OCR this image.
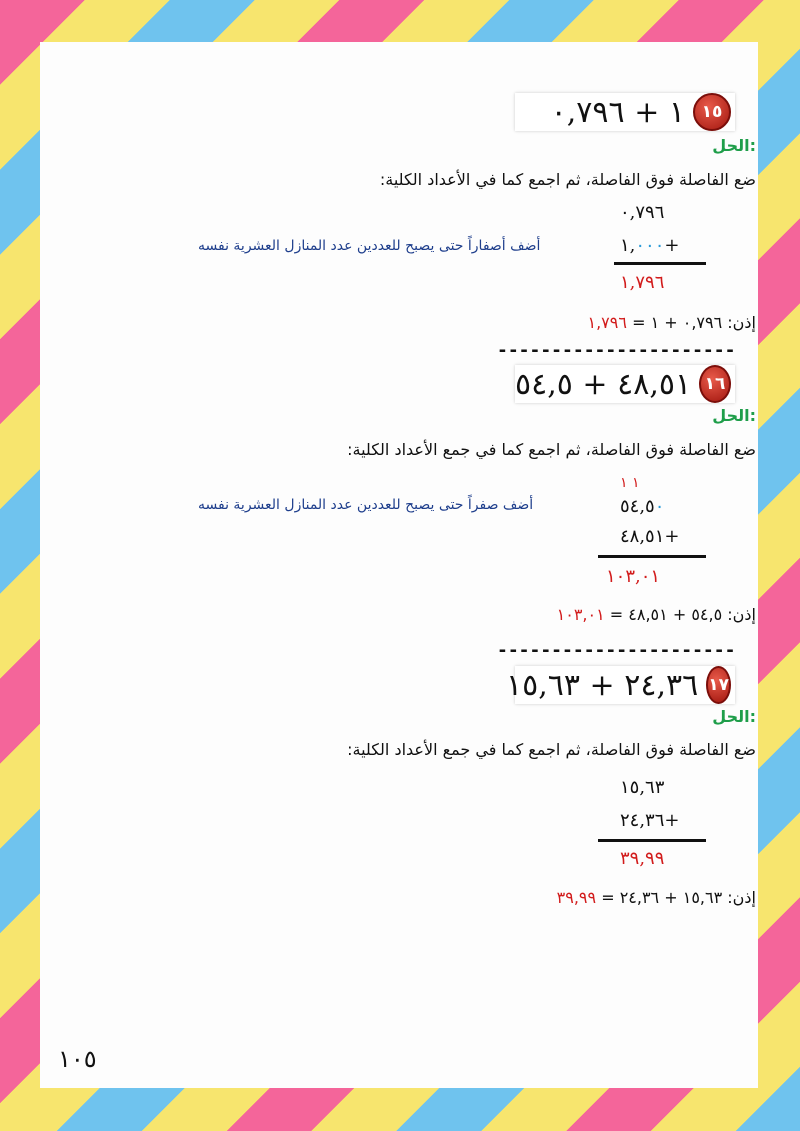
١ + ٠,٧٩٦ ١٥
الحل:
ضع الفاصلة فوق الفاصلة، ثم اجمع كما في الأعداد الكلية:
٠,٧٩٦
أضف أصفاراً حتى يصبح للعددين عدد المنازل العشرية نفسه	١,٠٠٠+
١,٧٩٦
إذن: ٠,٧٩٦ + ١ = ١,٧٩٦
----------------------
٤٨,٥١ + ٥٤,٥ ١٦
الحل:
ضع الفاصلة فوق الفاصلة، ثم اجمع كما في جمع الأعداد الكلية:
١ ١
٥٤,٥٠
أضف صفراً حتى يصبح للعددين عدد المنازل العشرية نفسه
٤٨,٥١+
١٠٣,٠١
إذن: ٥٤,٥ + ٤٨,٥١ = ١٠٣,٠١
----------------------
٢٤,٣٦ + ١٥,٦٣ ١٧
الحل:
ضع الفاصلة فوق الفاصلة، ثم اجمع كما في جمع الأعداد الكلية:
١٥,٦٣
٢٤,٣٦+
٣٩,٩٩
إذن: ١٥,٦٣ + ٢٤,٣٦ = ٣٩,٩٩
١٠٥
